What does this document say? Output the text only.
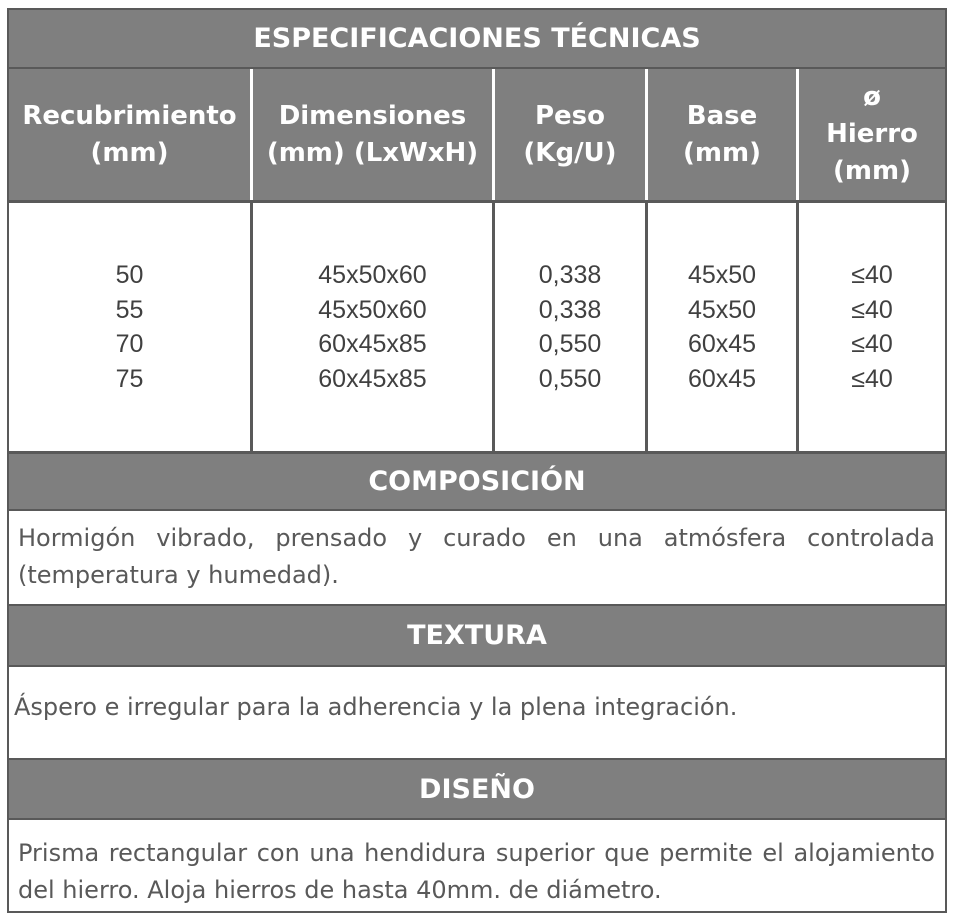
ESPECIFICACIONES TÉCNICAS
Recubrimiento
(mm)
Dimensiones
(mm) (LxWxH)
Peso
(Kg/U)
Base
(mm)
ø
Hierro
(mm)
50
55
70
75
45x50x60
45x50x60
60x45x85
60x45x85
0,338
0,338
0,550
0,550
45x50
45x50
60x45
60x45
≤40
≤40
≤40
≤40
COMPOSICIÓN
Hormigón vibrado, prensado y curado en una atmósfera controlada (temperatura y humedad).
TEXTURA
Áspero e irregular para la adherencia y la plena integración.
DISEÑO
Prisma rectangular con una hendidura superior que permite el alojamiento del hierro. Aloja hierros de hasta 40mm. de diámetro.
